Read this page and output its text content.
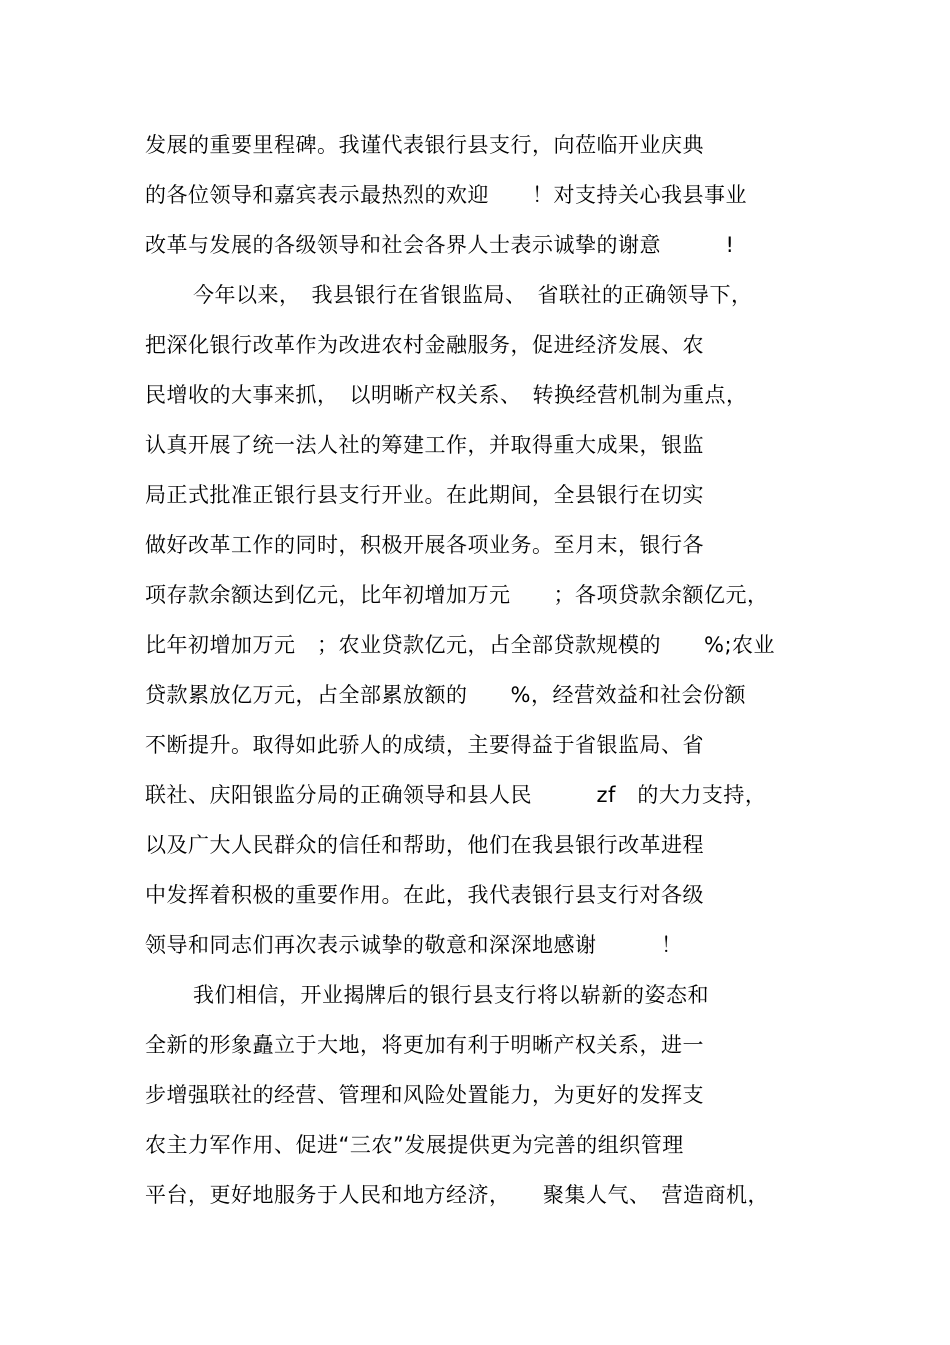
发展的重要里程碑。我谨代表银行县支行，向莅临开业庆典
的各位领导和嘉宾表示最热烈的欢迎　　！对支持关心我县事业
改革与发展的各级领导和社会各界人士表示诚挚的谢意　　　!
今年以来，　我县银行在省银监局、　省联社的正确领导下，
把深化银行改革作为改进农村金融服务，促进经济发展、农
民增收的大事来抓，　以明晰产权关系、　转换经营机制为重点，
认真开展了统一法人社的筹建工作，并取得重大成果，银监
局正式批准正银行县支行开业。在此期间，全县银行在切实
做好改革工作的同时，积极开展各项业务。至月末，银行各
项存款余额达到亿元，比年初增加万元　　；各项贷款余额亿元，
比年初增加万元　；农业贷款亿元，占全部贷款规模的　　%;农业
贷款累放亿万元，占全部累放额的　　%，经营效益和社会份额
不断提升。取得如此骄人的成绩，主要得益于省银监局、省
联社、庆阳银监分局的正确领导和县人民　　　zf　的大力支持，
以及广大人民群众的信任和帮助，他们在我县银行改革进程
中发挥着积极的重要作用。在此，我代表银行县支行对各级
领导和同志们再次表示诚挚的敬意和深深地感谢　　　！
我们相信，开业揭牌后的银行县支行将以崭新的姿态和
全新的形象矗立于大地，将更加有利于明晰产权关系，进一
步增强联社的经营、管理和风险处置能力，为更好的发挥支
农主力军作用、促进“三农”发展提供更为完善的组织管理
平台，更好地服务于人民和地方经济，　　聚集人气、　营造商机，
